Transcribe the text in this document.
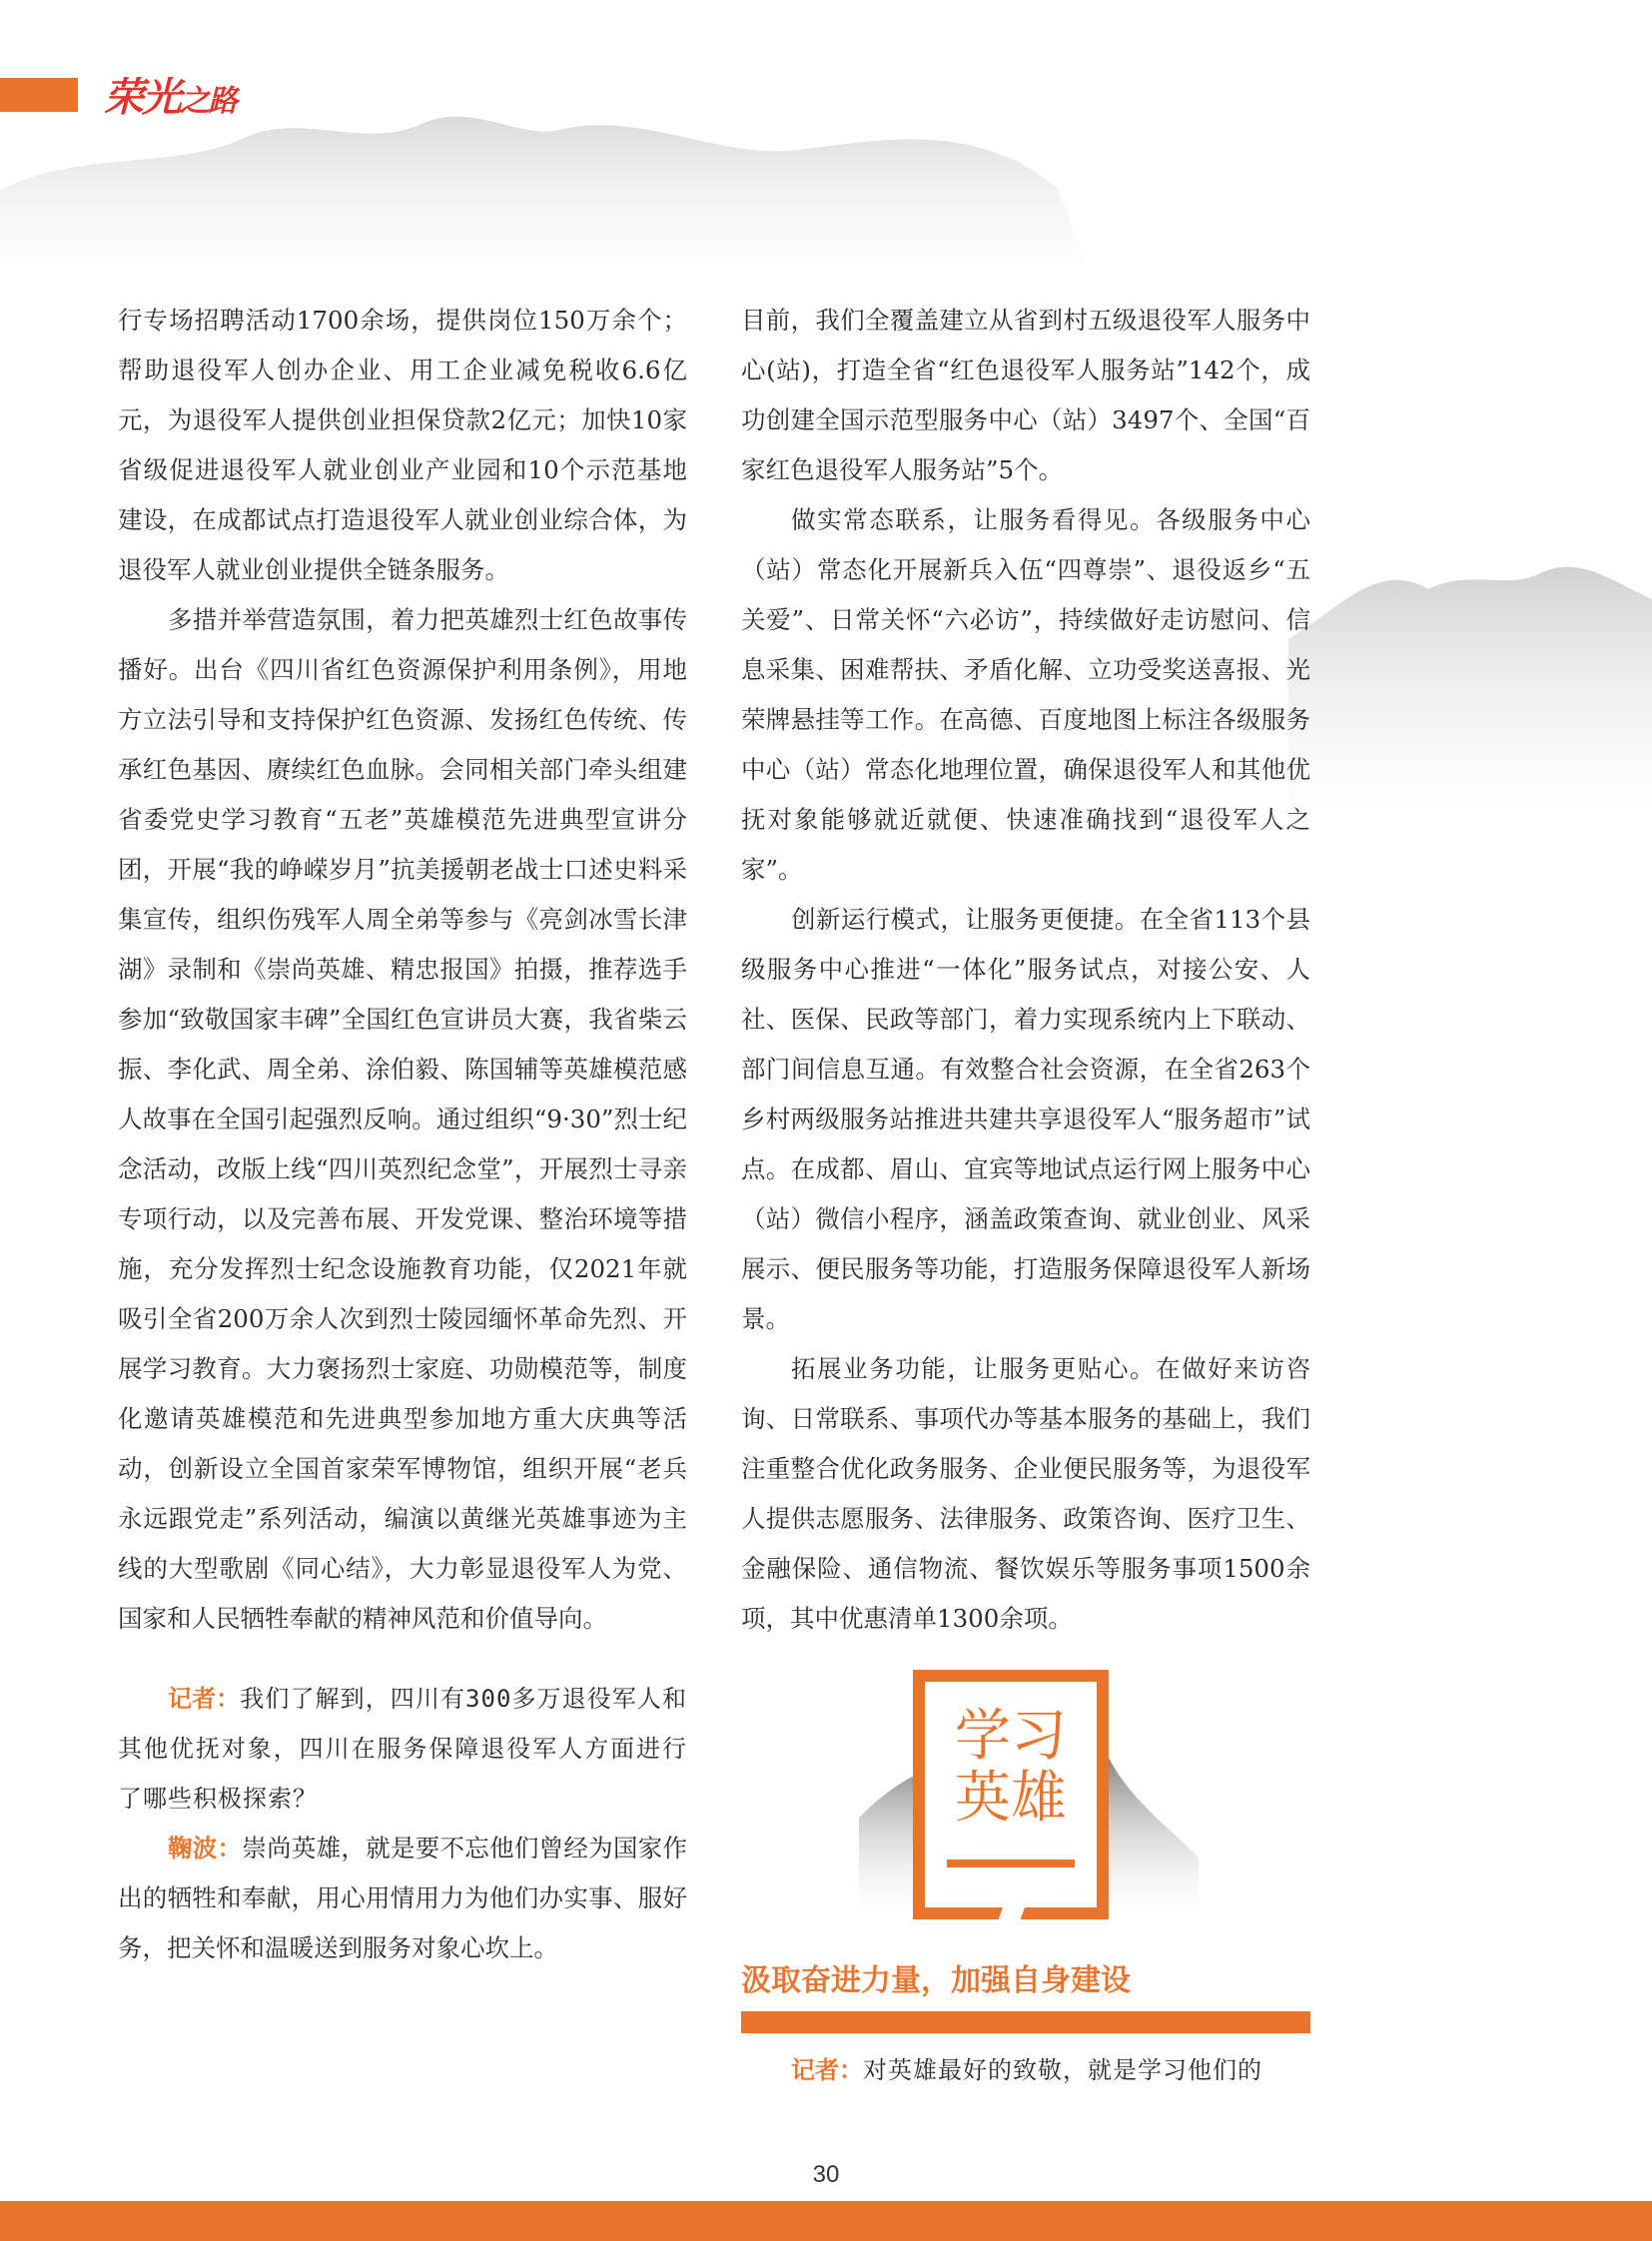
荣光之路

行专场招聘活动1700余场，提供岗位150万余个；帮助退役军人创办企业、用工企业减免税收6.6亿元，为退役军人提供创业担保贷款2亿元；加快10家省级促进退役军人就业创业产业园和10个示范基地建设，在成都试点打造退役军人就业创业综合体，为退役军人就业创业提供全链条服务。

多措并举营造氛围，着力把英雄烈士红色故事传播好。出台《四川省红色资源保护利用条例》，用地方立法引导和支持保护红色资源、发扬红色传统、传承红色基因、赓续红色血脉。会同相关部门牵头组建省委党史学习教育“五老”英雄模范先进典型宣讲分团，开展“我的峥嵘岁月”抗美援朝老战士口述史料采集宣传，组织伤残军人周全弟等参与《亮剑冰雪长津湖》录制和《崇尚英雄、精忠报国》拍摄，推荐选手参加“致敬国家丰碑”全国红色宣讲员大赛，我省柴云振、李化武、周全弟、涂伯毅、陈国辅等英雄模范感人故事在全国引起强烈反响。通过组织“9·30”烈士纪念活动，改版上线“四川英烈纪念堂”，开展烈士寻亲专项行动，以及完善布展、开发党课、整治环境等措施，充分发挥烈士纪念设施教育功能，仅2021年就吸引全省200万余人次到烈士陵园缅怀革命先烈、开展学习教育。大力褒扬烈士家庭、功勋模范等，制度化邀请英雄模范和先进典型参加地方重大庆典等活动，创新设立全国首家荣军博物馆，组织开展“老兵永远跟党走”系列活动，编演以黄继光英雄事迹为主线的大型歌剧《同心结》，大力彰显退役军人为党、国家和人民牺牲奉献的精神风范和价值导向。

记者：我们了解到，四川有300多万退役军人和其他优抚对象，四川在服务保障退役军人方面进行了哪些积极探索？

鞠波：崇尚英雄，就是要不忘他们曾经为国家作出的牺牲和奉献，用心用情用力为他们办实事、服好务，把关怀和温暖送到服务对象心坎上。

目前，我们全覆盖建立从省到村五级退役军人服务中心(站)，打造全省“红色退役军人服务站”142个，成功创建全国示范型服务中心（站）3497个、全国“百家红色退役军人服务站”5个。

做实常态联系，让服务看得见。各级服务中心（站）常态化开展新兵入伍“四尊崇”、退役返乡“五关爱”、日常关怀“六必访”，持续做好走访慰问、信息采集、困难帮扶、矛盾化解、立功受奖送喜报、光荣牌悬挂等工作。在高德、百度地图上标注各级服务中心（站）常态化地理位置，确保退役军人和其他优抚对象能够就近就便、快速准确找到“退役军人之家”。

创新运行模式，让服务更便捷。在全省113个县级服务中心推进“一体化”服务试点，对接公安、人社、医保、民政等部门，着力实现系统内上下联动、部门间信息互通。有效整合社会资源，在全省263个乡村两级服务站推进共建共享退役军人“服务超市”试点。在成都、眉山、宜宾等地试点运行网上服务中心（站）微信小程序，涵盖政策查询、就业创业、风采展示、便民服务等功能，打造服务保障退役军人新场景。

拓展业务功能，让服务更贴心。在做好来访咨询、日常联系、事项代办等基本服务的基础上，我们注重整合优化政务服务、企业便民服务等，为退役军人提供志愿服务、法律服务、政策咨询、医疗卫生、金融保险、通信物流、餐饮娱乐等服务事项1500余项，其中优惠清单1300余项。

学习
英雄
汲取奋进力量，加强自身建设

记者：对英雄最好的致敬，就是学习他们的

30
